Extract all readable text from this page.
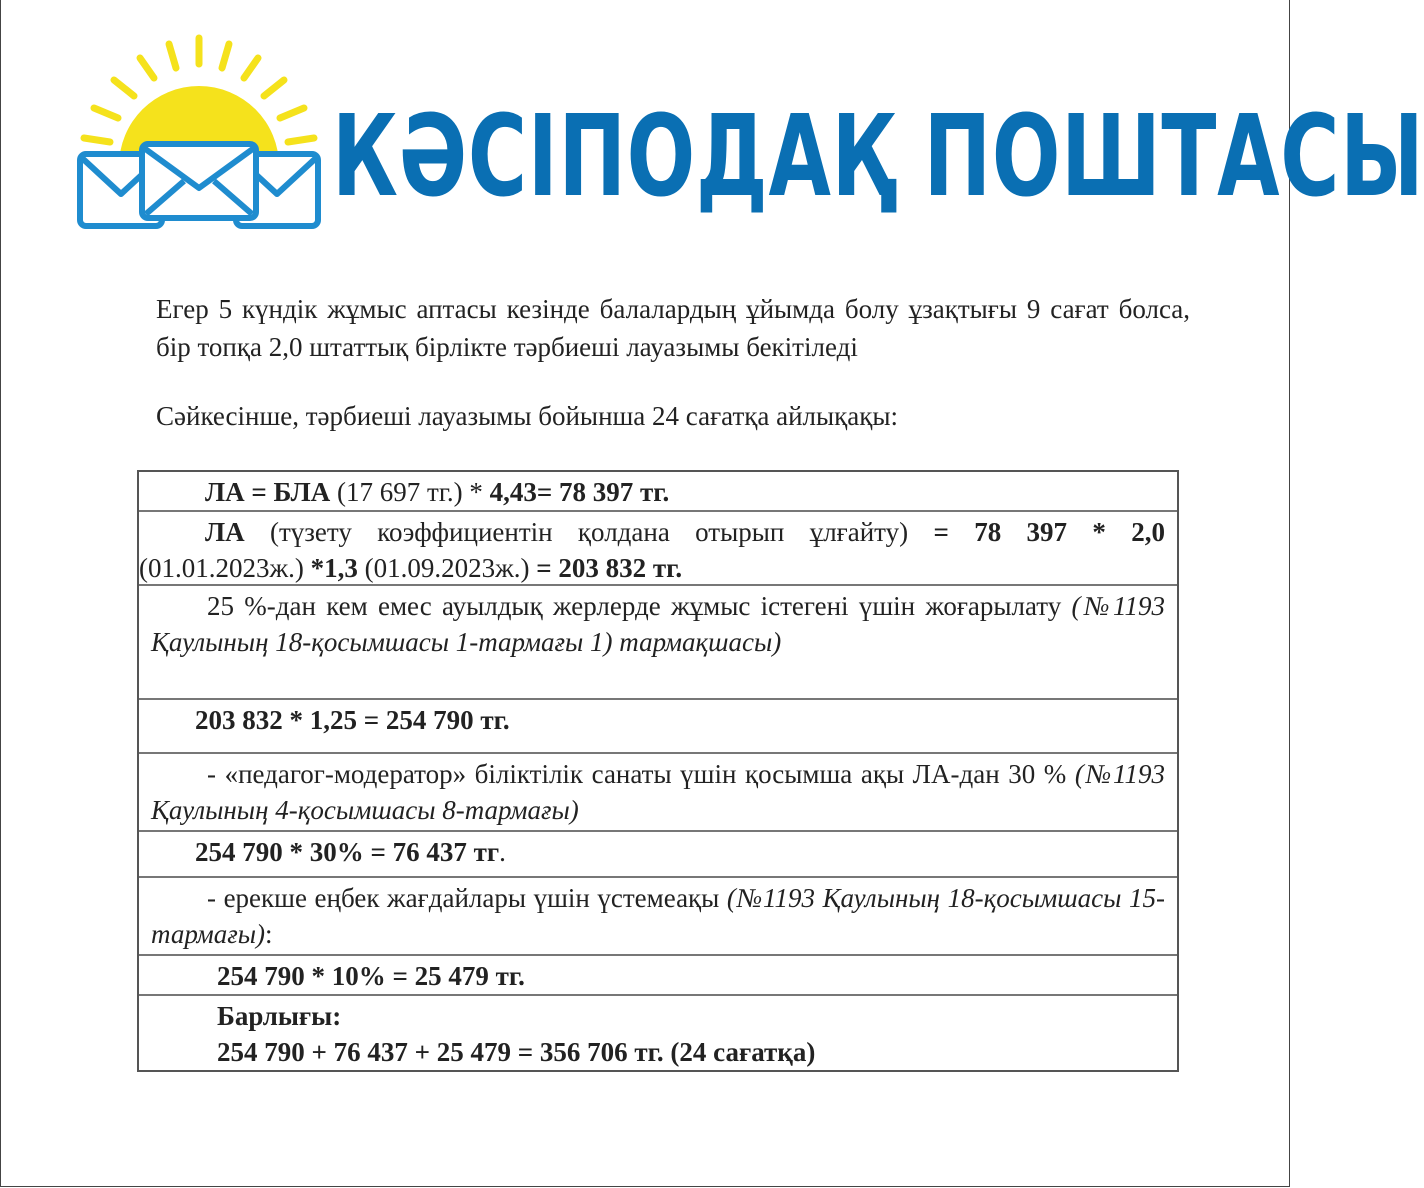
КӘСІПОДАҚ ПОШТАСЫ
Егер 5 күндік жұмыс аптасы кезінде балалардың ұйымда болу ұзақтығы 9 сағат болса, бір топқа 2,0 штаттық бірлікте тәрбиеші лауазымы бекітіледі
Сәйкесінше, тәрбиеші лауазымы бойынша 24 сағатқа айлықақы:
ЛА = БЛА (17 697 тг.) * 4,43= 78 397 тг.

ЛА (түзету коэффициентін қолдана отырып ұлғайту) = 78 397 * 2,0

(01.01.2023ж.) *1,3 (01.09.2023ж.) = 203 832 тг.

25 %-дан кем емес ауылдық жерлерде жұмыс істегені үшін жоғарылату (№1193 Қаулының 18-қосымшасы 1-тармағы 1) тармақшасы)

203 832 * 1,25 = 254 790 тг.

- «педагог-модератор» біліктілік санаты үшін қосымша ақы ЛА-дан 30 % (№1193 Қаулының 4-қосымшасы 8-тармағы)

254 790 * 30% = 76 437 тг.

- ерекше еңбек жағдайлары үшін үстемеақы (№1193 Қаулының 18-қосымшасы 15-тармағы):

254 790 * 10% = 25 479 тг.

Барлығы:

254 790 + 76 437 + 25 479 = 356 706 тг. (24 сағатқа)
